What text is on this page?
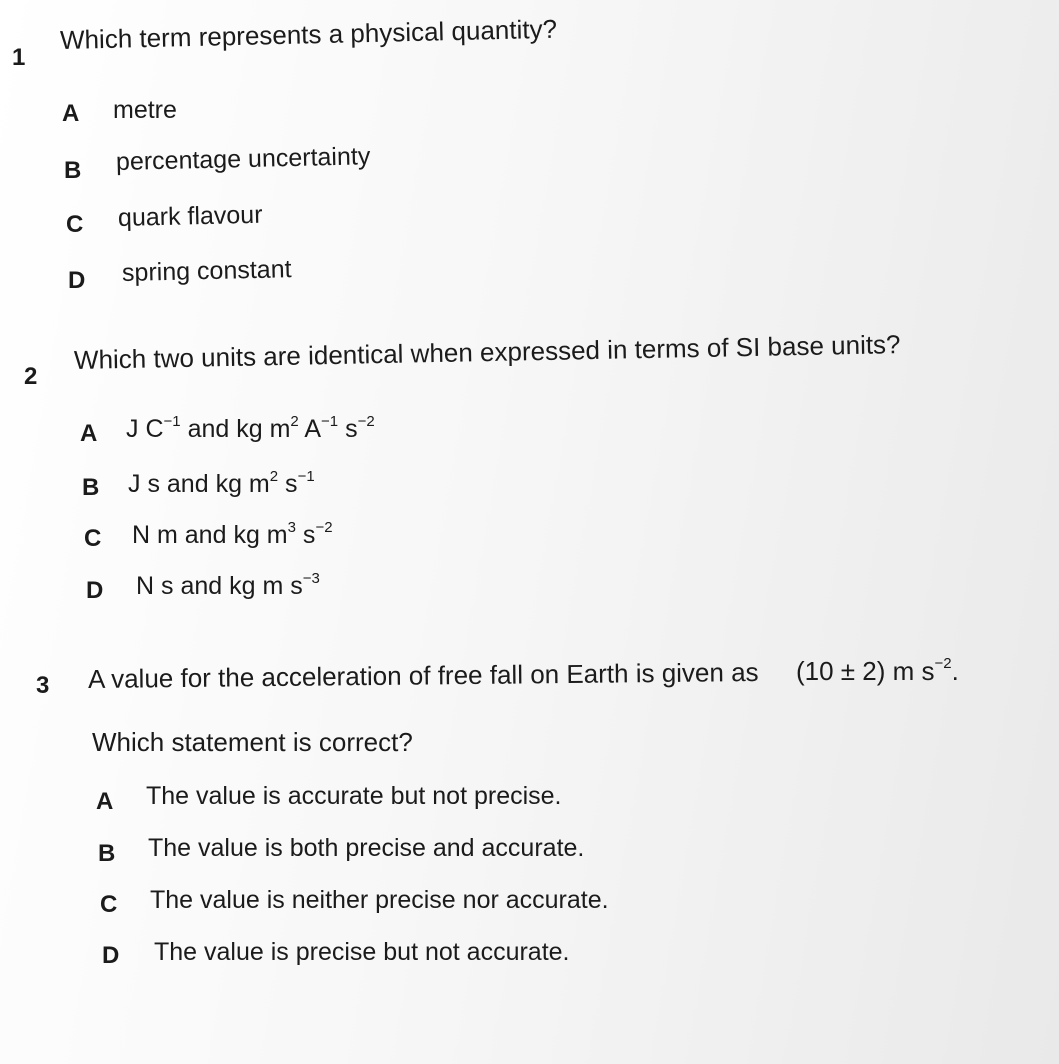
1
Which term represents a physical quantity?
A metre
B percentage uncertainty
C quark flavour
D spring constant
2
Which two units are identical when expressed in terms of SI base units?
A J $C^{-1}$ and kg $m^2$ $A^{-1}$ $s^{-2}$
B J s and kg $m^2$ $s^{-1}$
C N m and kg $m^3$ $s^{-2}$
D N s and kg m $s^{-3}$
3 A value for the acceleration of free fall on Earth is given as (10 ± 2) m $s^{-2}$.
Which statement is correct?
A The value is accurate but not precise.
B The value is both precise and accurate.
C The value is neither precise nor accurate.
D The value is precise but not accurate.
